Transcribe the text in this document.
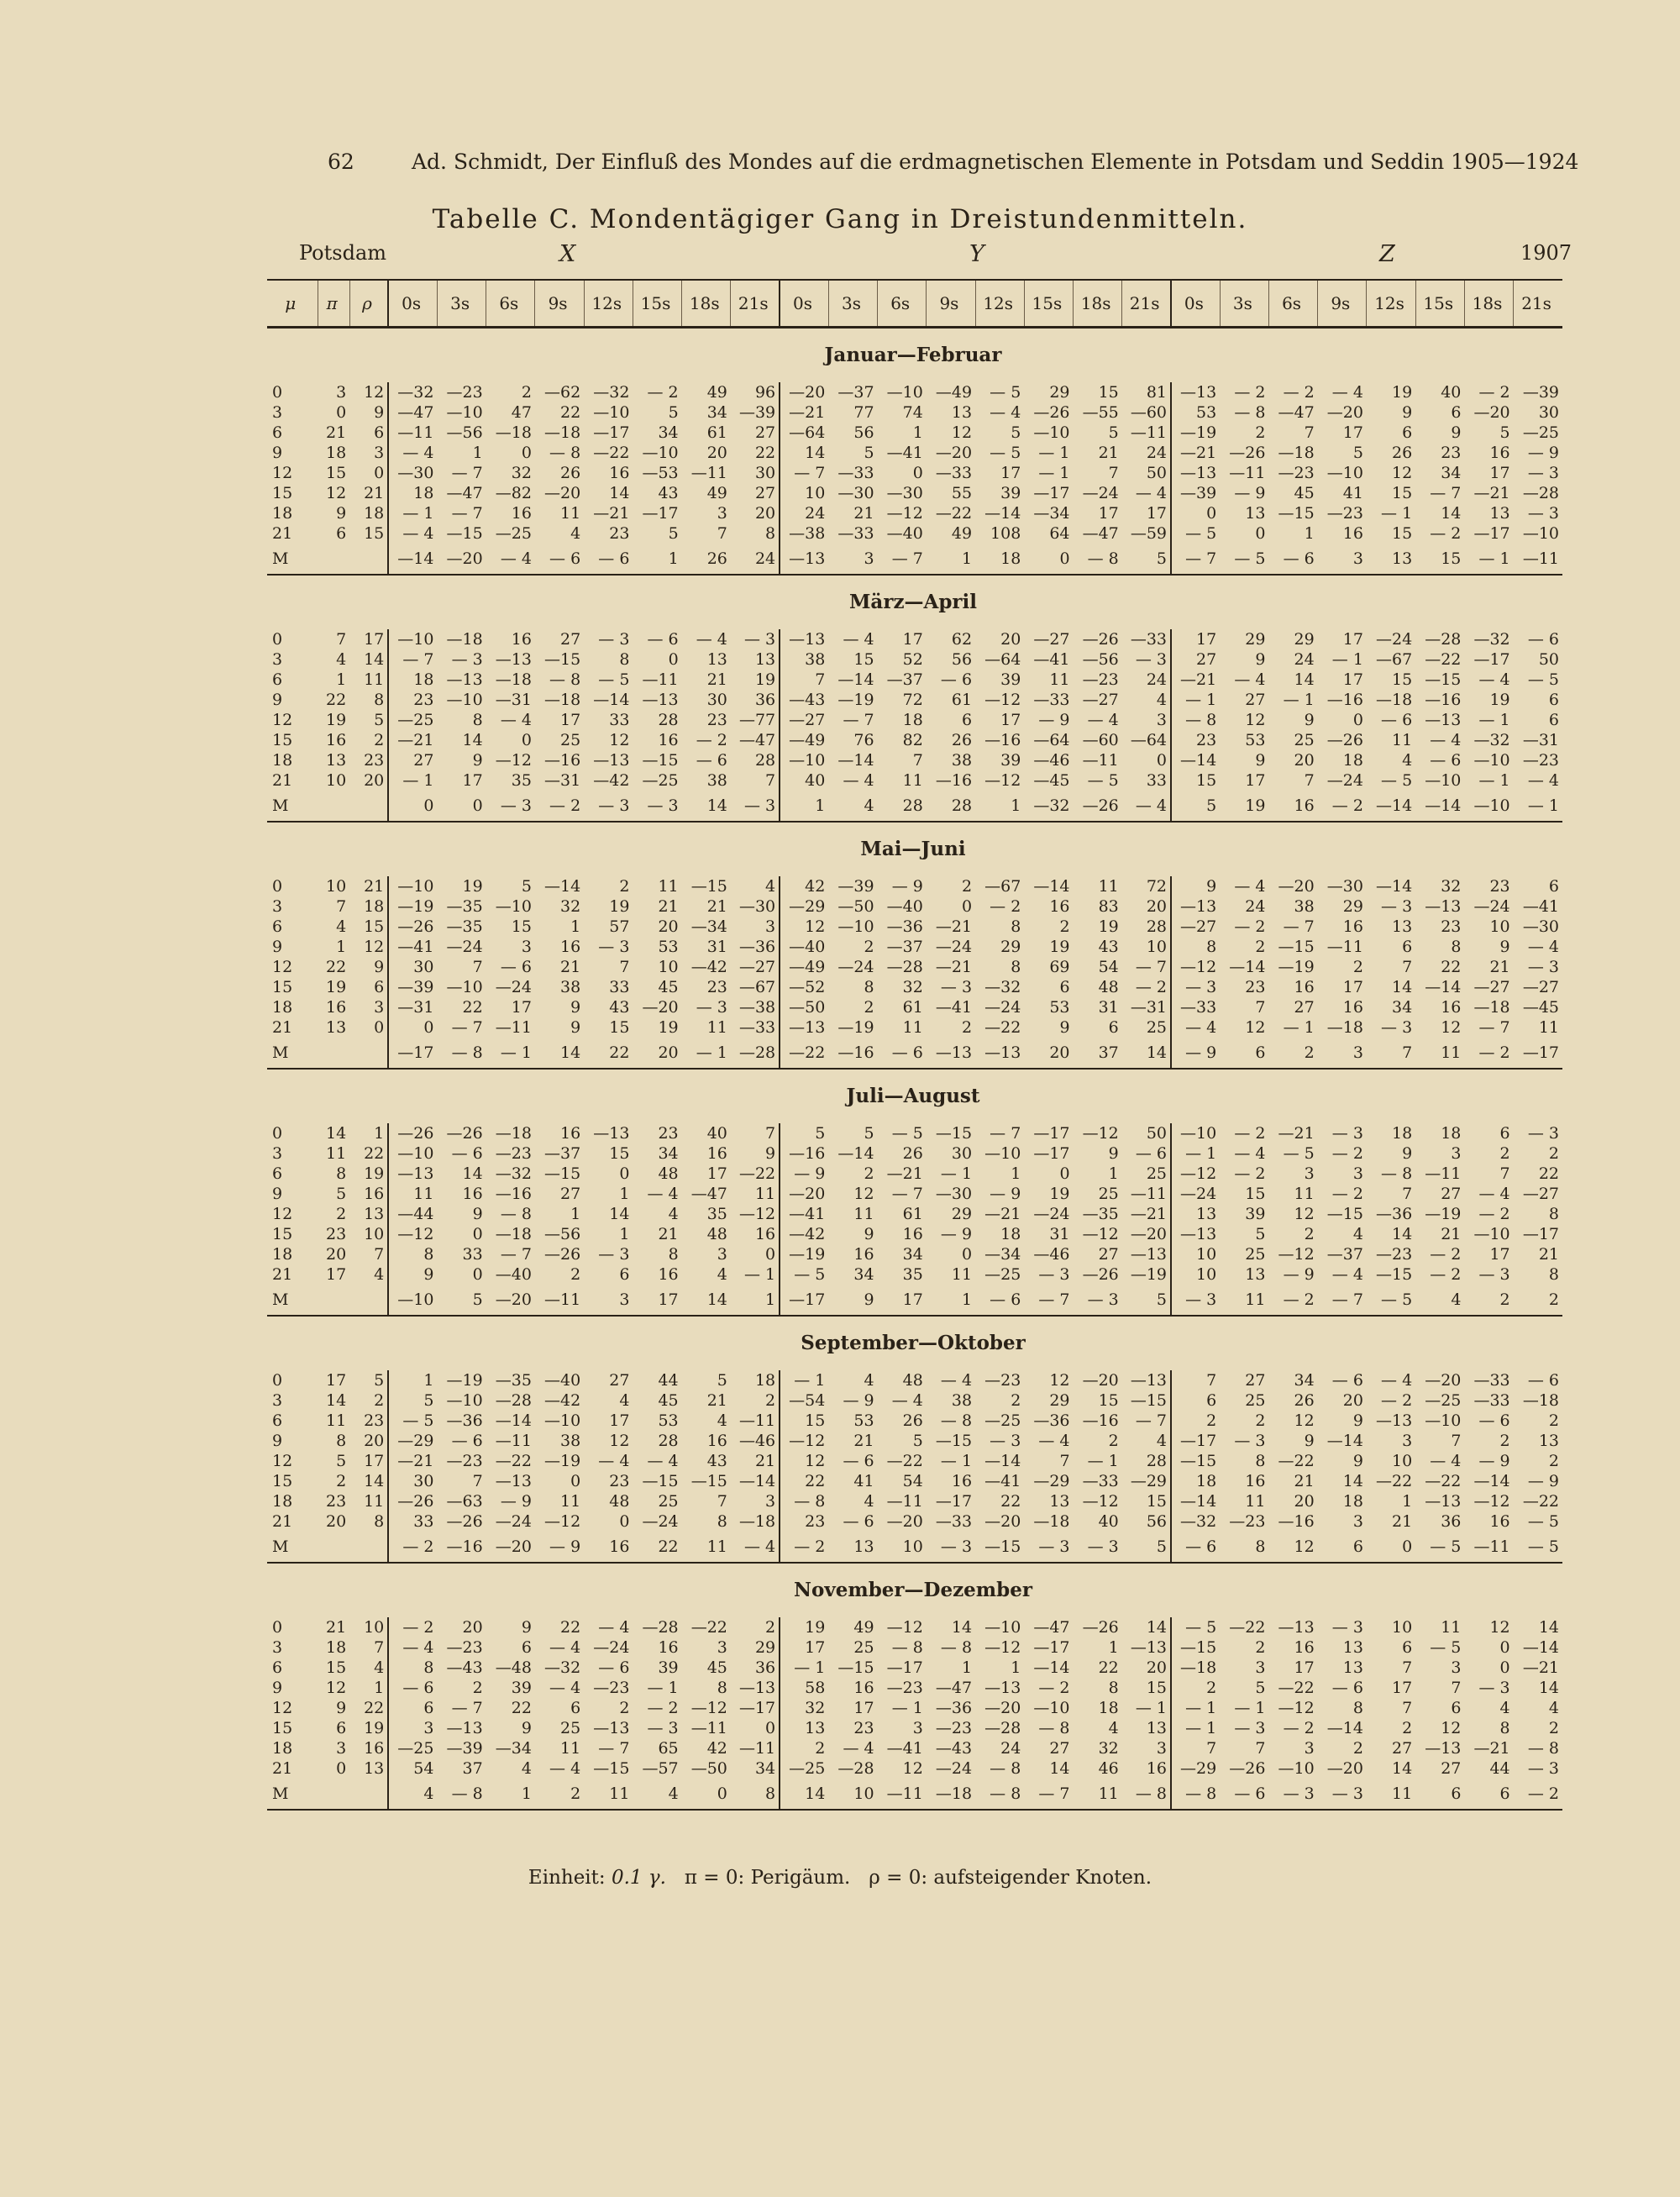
62	Ad. Schmidt, Der Einfluß des Mondes auf die erdmagnetischen Elemente in Potsdam und Seddin 1905—1924
Tabelle C. Mondentägiger Gang in Dreistundenmitteln.
Potsdam	X	Y	Z	1907
μ	π	ρ	0s	3s	6s	9s	12s	15s	18s	21s	0s	3s	6s	9s	12s	15s	18s	21s	0s	3s	6s	9s	12s	15s	18s	21s
Januar—Februar																										
0	3	12	—32	—23	2	—62	—32	— 2	49	96	—20	—37	—10	—49	— 5	29	15	81	—13	— 2	— 2	— 4	19	40	— 2	—39
3	0	9	—47	—10	47	22	—10	5	34	—39	—21	77	74	13	— 4	—26	—55	—60	53	— 8	—47	—20	9	6	—20	30
6	21	6	—11	—56	—18	—18	—17	34	61	27	—64	56	1	12	5	—10	5	—11	—19	2	7	17	6	9	5	—25
9	18	3	— 4	1	0	— 8	—22	—10	20	22	14	5	—41	—20	— 5	— 1	21	24	—21	—26	—18	5	26	23	16	— 9
12	15	0	—30	— 7	32	26	16	—53	—11	30	— 7	—33	0	—33	17	— 1	7	50	—13	—11	—23	—10	12	34	17	— 3
15	12	21	18	—47	—82	—20	14	43	49	27	10	—30	—30	55	39	—17	—24	— 4	—39	— 9	45	41	15	— 7	—21	—28
18	9	18	— 1	— 7	16	11	—21	—17	3	20	24	21	—12	—22	—14	—34	17	17	0	13	—15	—23	— 1	14	13	— 3
21	6	15	— 4	—15	—25	4	23	5	7	8	—38	—33	—40	49	108	64	—47	—59	— 5	0	1	16	15	— 2	—17	—10
M			—14	—20	— 4	— 6	— 6	1	26	24	—13	3	— 7	1	18	0	— 8	5	— 7	— 5	— 6	3	13	15	— 1	—11
März—April																										
0	7	17	—10	—18	16	27	— 3	— 6	— 4	— 3	—13	— 4	17	62	20	—27	—26	—33	17	29	29	17	—24	—28	—32	— 6
3	4	14	— 7	— 3	—13	—15	8	0	13	13	38	15	52	56	—64	—41	—56	— 3	27	9	24	— 1	—67	—22	—17	50
6	1	11	18	—13	—18	— 8	— 5	—11	21	19	7	—14	—37	— 6	39	11	—23	24	—21	— 4	14	17	15	—15	— 4	— 5
9	22	8	23	—10	—31	—18	—14	—13	30	36	—43	—19	72	61	—12	—33	—27	4	— 1	27	— 1	—16	—18	—16	19	6
12	19	5	—25	8	— 4	17	33	28	23	—77	—27	— 7	18	6	17	— 9	— 4	3	— 8	12	9	0	— 6	—13	— 1	6
15	16	2	—21	14	0	25	12	16	— 2	—47	—49	76	82	26	—16	—64	—60	—64	23	53	25	—26	11	— 4	—32	—31
18	13	23	27	9	—12	—16	—13	—15	— 6	28	—10	—14	7	38	39	—46	—11	0	—14	9	20	18	4	— 6	—10	—23
21	10	20	— 1	17	35	—31	—42	—25	38	7	40	— 4	11	—16	—12	—45	— 5	33	15	17	7	—24	— 5	—10	— 1	— 4
M			0	0	— 3	— 2	— 3	— 3	14	— 3	1	4	28	28	1	—32	—26	— 4	5	19	16	— 2	—14	—14	—10	— 1
Mai—Juni																										
0	10	21	—10	19	5	—14	2	11	—15	4	42	—39	— 9	2	—67	—14	11	72	9	— 4	—20	—30	—14	32	23	6
3	7	18	—19	—35	—10	32	19	21	21	—30	—29	—50	—40	0	— 2	16	83	20	—13	24	38	29	— 3	—13	—24	—41
6	4	15	—26	—35	15	1	57	20	—34	3	12	—10	—36	—21	8	2	19	28	—27	— 2	— 7	16	13	23	10	—30
9	1	12	—41	—24	3	16	— 3	53	31	—36	—40	2	—37	—24	29	19	43	10	8	2	—15	—11	6	8	9	— 4
12	22	9	30	7	— 6	21	7	10	—42	—27	—49	—24	—28	—21	8	69	54	— 7	—12	—14	—19	2	7	22	21	— 3
15	19	6	—39	—10	—24	38	33	45	23	—67	—52	8	32	— 3	—32	6	48	— 2	— 3	23	16	17	14	—14	—27	—27
18	16	3	—31	22	17	9	43	—20	— 3	—38	—50	2	61	—41	—24	53	31	—31	—33	7	27	16	34	16	—18	—45
21	13	0	0	— 7	—11	9	15	19	11	—33	—13	—19	11	2	—22	9	6	25	— 4	12	— 1	—18	— 3	12	— 7	11
M			—17	— 8	— 1	14	22	20	— 1	—28	—22	—16	— 6	—13	—13	20	37	14	— 9	6	2	3	7	11	— 2	—17
Juli—August																										
0	14	1	—26	—26	—18	16	—13	23	40	7	5	5	— 5	—15	— 7	—17	—12	50	—10	— 2	—21	— 3	18	18	6	— 3
3	11	22	—10	— 6	—23	—37	15	34	16	9	—16	—14	26	30	—10	—17	9	— 6	— 1	— 4	— 5	— 2	9	3	2	2
6	8	19	—13	14	—32	—15	0	48	17	—22	— 9	2	—21	— 1	1	0	1	25	—12	— 2	3	3	— 8	—11	7	22
9	5	16	11	16	—16	27	1	— 4	—47	11	—20	12	— 7	—30	— 9	19	25	—11	—24	15	11	— 2	7	27	— 4	—27
12	2	13	—44	9	— 8	1	14	4	35	—12	—41	11	61	29	—21	—24	—35	—21	13	39	12	—15	—36	—19	— 2	8
15	23	10	—12	0	—18	—56	1	21	48	16	—42	9	16	— 9	18	31	—12	—20	—13	5	2	4	14	21	—10	—17
18	20	7	8	33	— 7	—26	— 3	8	3	0	—19	16	34	0	—34	—46	27	—13	10	25	—12	—37	—23	— 2	17	21
21	17	4	9	0	—40	2	6	16	4	— 1	— 5	34	35	11	—25	— 3	—26	—19	10	13	— 9	— 4	—15	— 2	— 3	8
M			—10	5	—20	—11	3	17	14	1	—17	9	17	1	— 6	— 7	— 3	5	— 3	11	— 2	— 7	— 5	4	2	2
September—Oktober																										
0	17	5	1	—19	—35	—40	27	44	5	18	— 1	4	48	— 4	—23	12	—20	—13	7	27	34	— 6	— 4	—20	—33	— 6
3	14	2	5	—10	—28	—42	4	45	21	2	—54	— 9	— 4	38	2	29	15	—15	6	25	26	20	— 2	—25	—33	—18
6	11	23	— 5	—36	—14	—10	17	53	4	—11	15	53	26	— 8	—25	—36	—16	— 7	2	2	12	9	—13	—10	— 6	2
9	8	20	—29	— 6	—11	38	12	28	16	—46	—12	21	5	—15	— 3	— 4	2	4	—17	— 3	9	—14	3	7	2	13
12	5	17	—21	—23	—22	—19	— 4	— 4	43	21	12	— 6	—22	— 1	—14	7	— 1	28	—15	8	—22	9	10	— 4	— 9	2
15	2	14	30	7	—13	0	23	—15	—15	—14	22	41	54	16	—41	—29	—33	—29	18	16	21	14	—22	—22	—14	— 9
18	23	11	—26	—63	— 9	11	48	25	7	3	— 8	4	—11	—17	22	13	—12	15	—14	11	20	18	1	—13	—12	—22
21	20	8	33	—26	—24	—12	0	—24	8	—18	23	— 6	—20	—33	—20	—18	40	56	—32	—23	—16	3	21	36	16	— 5
M			— 2	—16	—20	— 9	16	22	11	— 4	— 2	13	10	— 3	—15	— 3	— 3	5	— 6	8	12	6	0	— 5	—11	— 5
November—Dezember																										
0	21	10	— 2	20	9	22	— 4	—28	—22	2	19	49	—12	14	—10	—47	—26	14	— 5	—22	—13	— 3	10	11	12	14
3	18	7	— 4	—23	6	— 4	—24	16	3	29	17	25	— 8	— 8	—12	—17	1	—13	—15	2	16	13	6	— 5	0	—14
6	15	4	8	—43	—48	—32	— 6	39	45	36	— 1	—15	—17	1	1	—14	22	20	—18	3	17	13	7	3	0	—21
9	12	1	— 6	2	39	— 4	—23	— 1	8	—13	58	16	—23	—47	—13	— 2	8	15	2	5	—22	— 6	17	7	— 3	14
12	9	22	6	— 7	22	6	2	— 2	—12	—17	32	17	— 1	—36	—20	—10	18	— 1	— 1	— 1	—12	8	7	6	4	4
15	6	19	3	—13	9	25	—13	— 3	—11	0	13	23	3	—23	—28	— 8	4	13	— 1	— 3	— 2	—14	2	12	8	2
18	3	16	—25	—39	—34	11	— 7	65	42	—11	2	— 4	—41	—43	24	27	32	3	7	7	3	2	27	—13	—21	— 8
21	0	13	54	37	4	— 4	—15	—57	—50	34	—25	—28	12	—24	— 8	14	46	16	—29	—26	—10	—20	14	27	44	— 3
M			4	— 8	1	2	11	4	0	8	14	10	—11	—18	— 8	— 7	11	— 8	— 8	— 6	— 3	— 3	11	6	6	— 2
Einheit: 0.1 γ. π = 0: Perigäum. ρ = 0: aufsteigender Knoten.
